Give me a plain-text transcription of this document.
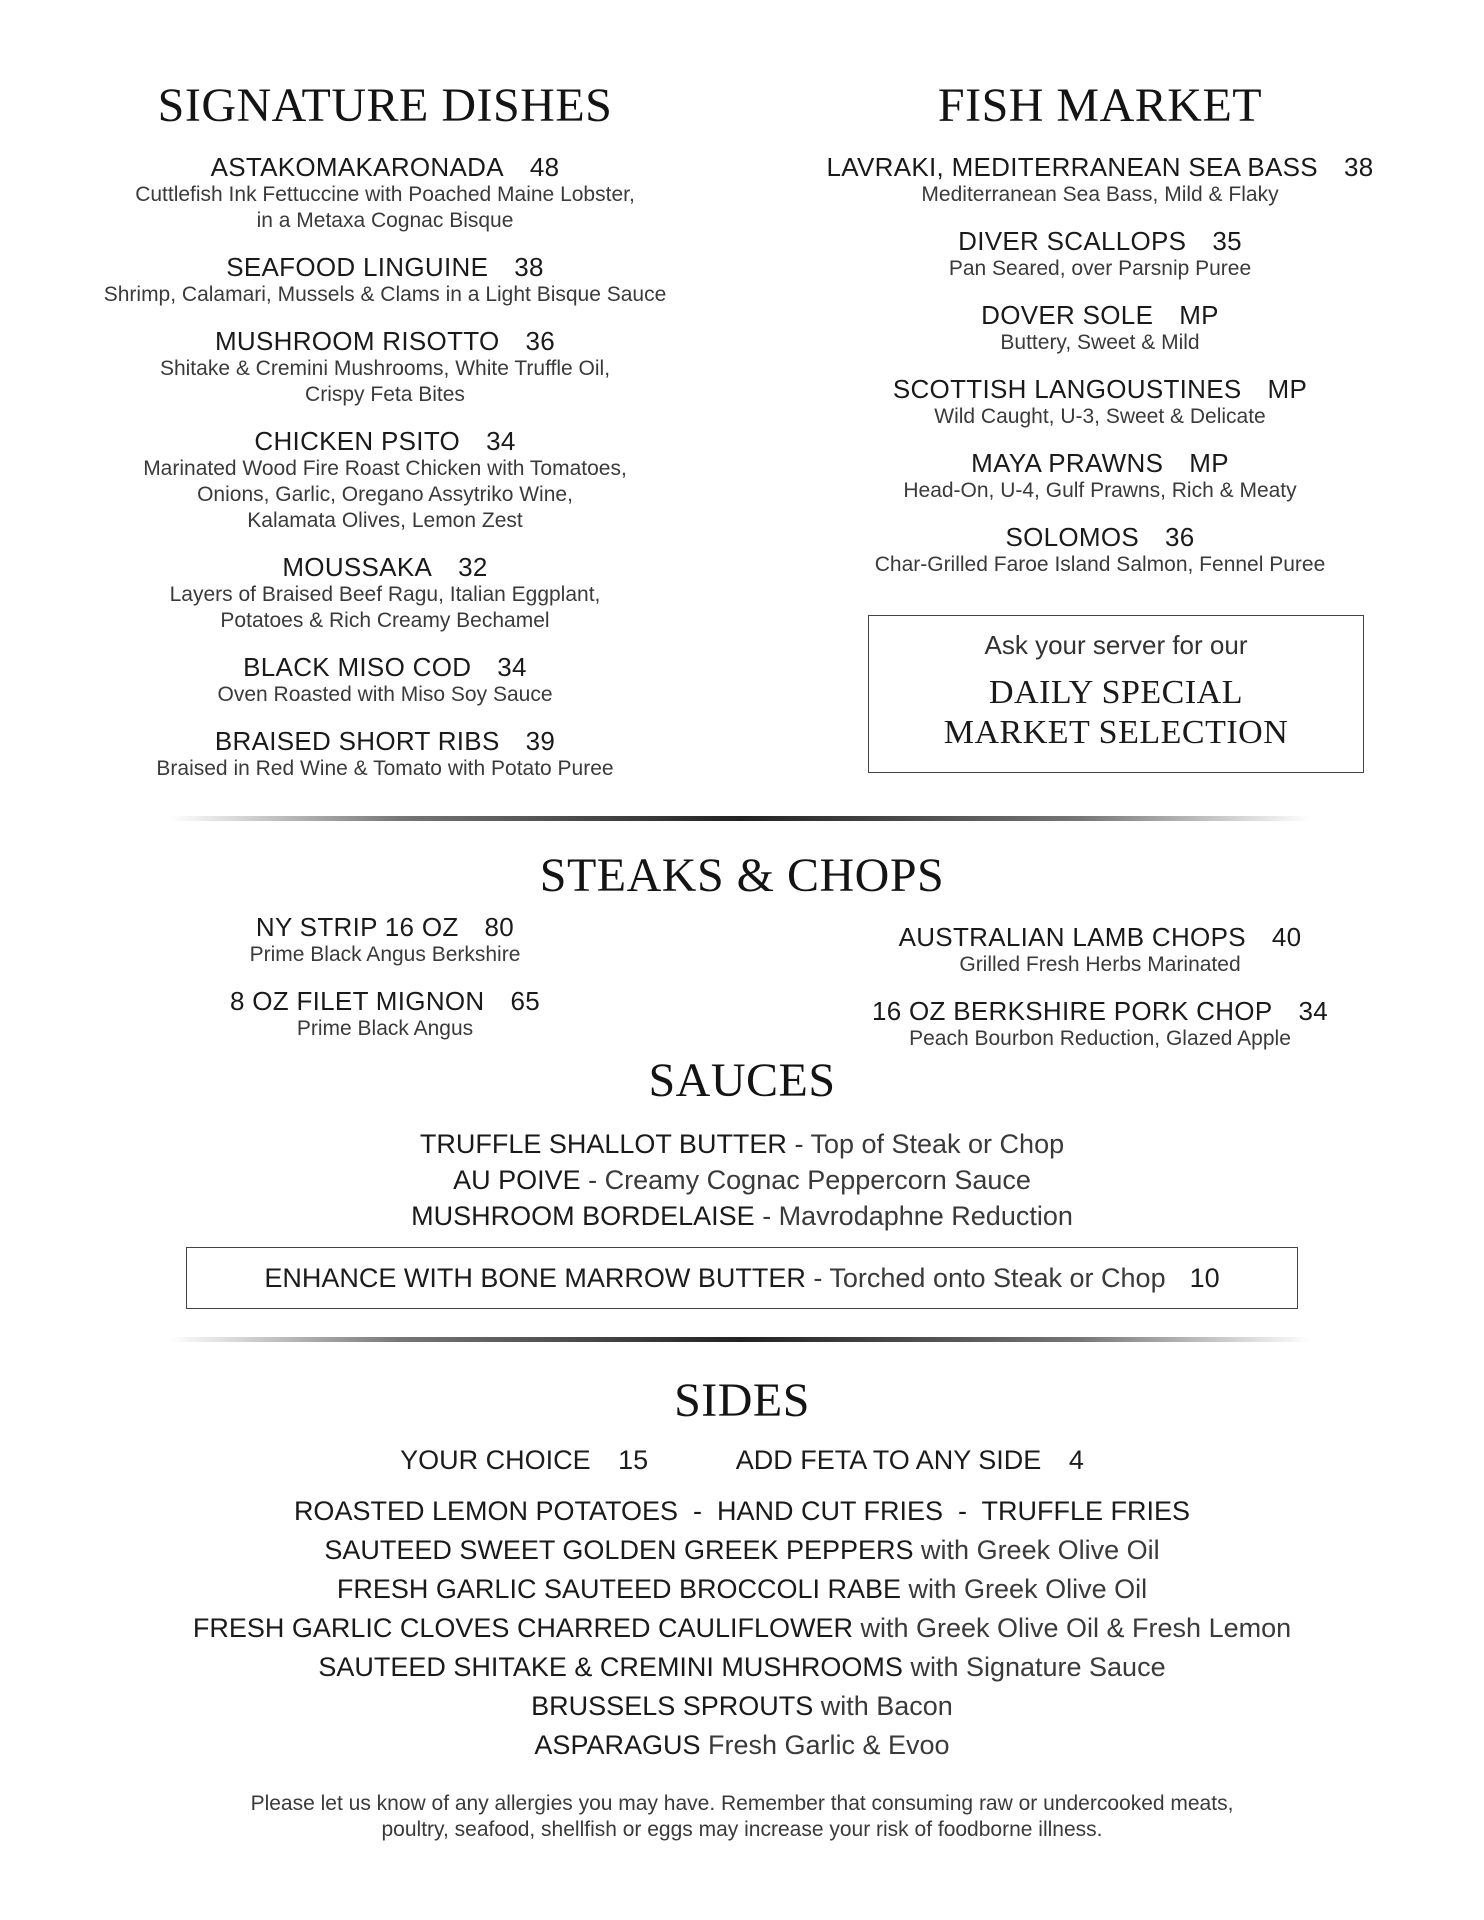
SIGNATURE DISHES
ASTAKOMAKARONADA 48
Cuttlefish Ink Fettuccine with Poached Maine Lobster,
in a Metaxa Cognac Bisque
SEAFOOD LINGUINE 38
Shrimp, Calamari, Mussels & Clams in a Light Bisque Sauce
MUSHROOM RISOTTO 36
Shitake & Cremini Mushrooms, White Truffle Oil,
Crispy Feta Bites
CHICKEN PSITO 34
Marinated Wood Fire Roast Chicken with Tomatoes,
Onions, Garlic, Oregano Assytriko Wine,
Kalamata Olives, Lemon Zest
MOUSSAKA 32
Layers of Braised Beef Ragu, Italian Eggplant,
Potatoes & Rich Creamy Bechamel
BLACK MISO COD 34
Oven Roasted with Miso Soy Sauce
BRAISED SHORT RIBS 39
Braised in Red Wine & Tomato with Potato Puree
FISH MARKET
LAVRAKI, MEDITERRANEAN SEA BASS 38
Mediterranean Sea Bass, Mild & Flaky
DIVER SCALLOPS 35
Pan Seared, over Parsnip Puree
DOVER SOLE MP
Buttery, Sweet & Mild
SCOTTISH LANGOUSTINES MP
Wild Caught, U-3, Sweet & Delicate
MAYA PRAWNS MP
Head-On, U-4, Gulf Prawns, Rich & Meaty
SOLOMOS 36
Char-Grilled Faroe Island Salmon, Fennel Puree
Ask your server for our
DAILY SPECIAL
MARKET SELECTION
STEAKS & CHOPS
NY STRIP 16 OZ 80
Prime Black Angus Berkshire
8 OZ FILET MIGNON 65
Prime Black Angus
AUSTRALIAN LAMB CHOPS 40
Grilled Fresh Herbs Marinated
16 OZ BERKSHIRE PORK CHOP 34
Peach Bourbon Reduction, Glazed Apple
SAUCES
TRUFFLE SHALLOT BUTTER - Top of Steak or Chop
AU POIVE - Creamy Cognac Peppercorn Sauce
MUSHROOM BORDELAISE - Mavrodaphne Reduction
ENHANCE WITH BONE MARROW BUTTER - Torched onto Steak or Chop 10
SIDES
YOUR CHOICE 15	ADD FETA TO ANY SIDE 4
ROASTED LEMON POTATOES  -  HAND CUT FRIES  -  TRUFFLE FRIES
SAUTEED SWEET GOLDEN GREEK PEPPERS with Greek Olive Oil
FRESH GARLIC SAUTEED BROCCOLI RABE with Greek Olive Oil
FRESH GARLIC CLOVES CHARRED CAULIFLOWER with Greek Olive Oil & Fresh Lemon
SAUTEED SHITAKE & CREMINI MUSHROOMS with Signature Sauce
BRUSSELS SPROUTS with Bacon
ASPARAGUS Fresh Garlic & Evoo
Please let us know of any allergies you may have. Remember that consuming raw or undercooked meats,
poultry, seafood, shellfish or eggs may increase your risk of foodborne illness.
